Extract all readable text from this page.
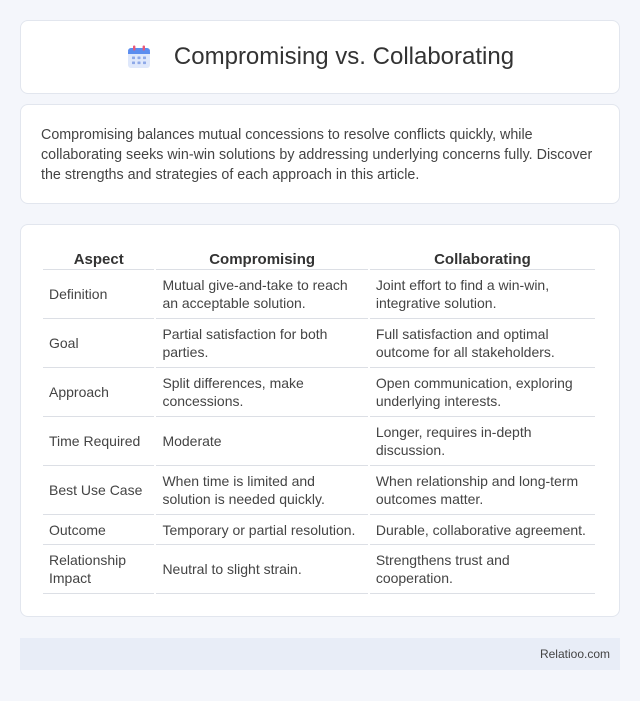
Compromising vs. Collaborating

Compromising balances mutual concessions to resolve conflicts quickly, while collaborating seeks win-win solutions by addressing underlying concerns fully. Discover the strengths and strategies of each approach in this article.

Aspect	Compromising	Collaborating
Definition	Mutual give-and-take to reach an acceptable solution.	Joint effort to find a win-win, integrative solution.
Goal	Partial satisfaction for both parties.	Full satisfaction and optimal outcome for all stakeholders.
Approach	Split differences, make concessions.	Open communication, exploring underlying interests.
Time Required	Moderate	Longer, requires in-depth discussion.
Best Use Case	When time is limited and solution is needed quickly.	When relationship and long-term outcomes matter.
Outcome	Temporary or partial resolution.	Durable, collaborative agreement.
Relationship Impact	Neutral to slight strain.	Strengthens trust and cooperation.
Relatioo.com
